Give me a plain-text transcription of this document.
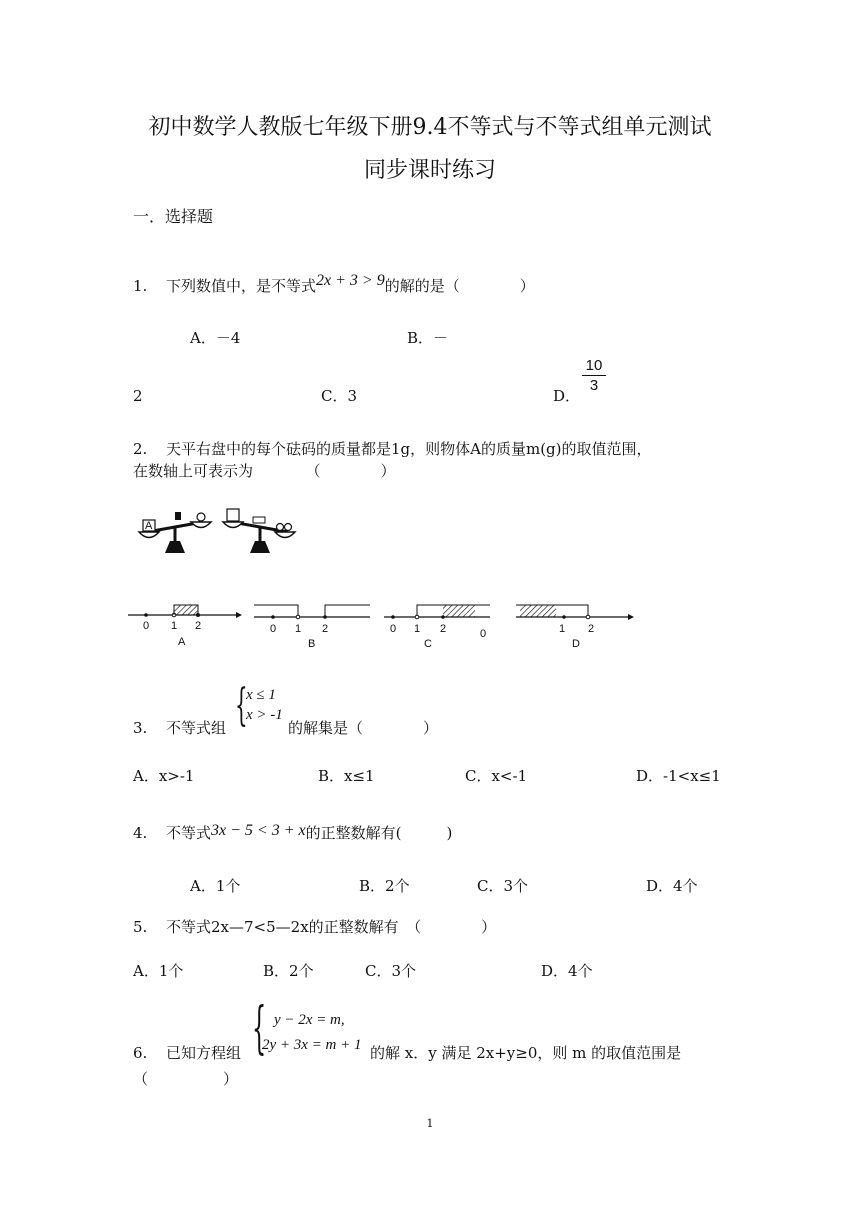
初中数学人教版七年级下册9.4不等式与不等式组单元测试
同步课时练习
一．选择题
1. 下列数值中，是不等式2x + 3 > 9的解的是（　　　　）
A．－4	B．－
2	C．3	D．
10
3
2. 天平右盘中的每个砝码的质量都是1g，则物体A的质量m(g)的取值范围，
在数轴上可表示为　　　　（　　　　）
A
0 1 2
A
0 1 2
B
0 1 2	0
C
1 2
D
3. 不等式组 {
x ≤ 1
x > -1
的解集是（　　　　）
A．x>-1	B．x≤1	C．x<-1	D．-1<x≤1
4. 不等式3x − 5 < 3 + x的正整数解有(　　　)
A．1个	B．2个	C．3个	D．4个
5. 不等式2x—7<5—2x的正整数解有　（　　　　）
A．1个	B．2个	C．3个	D．4个
6. 已知方程组 { y − 2x = m,
2y + 3x = m + 1 的解 x．y 满足 2x+y≥0，则 m 的取值范围是
（　　　　　）
1
